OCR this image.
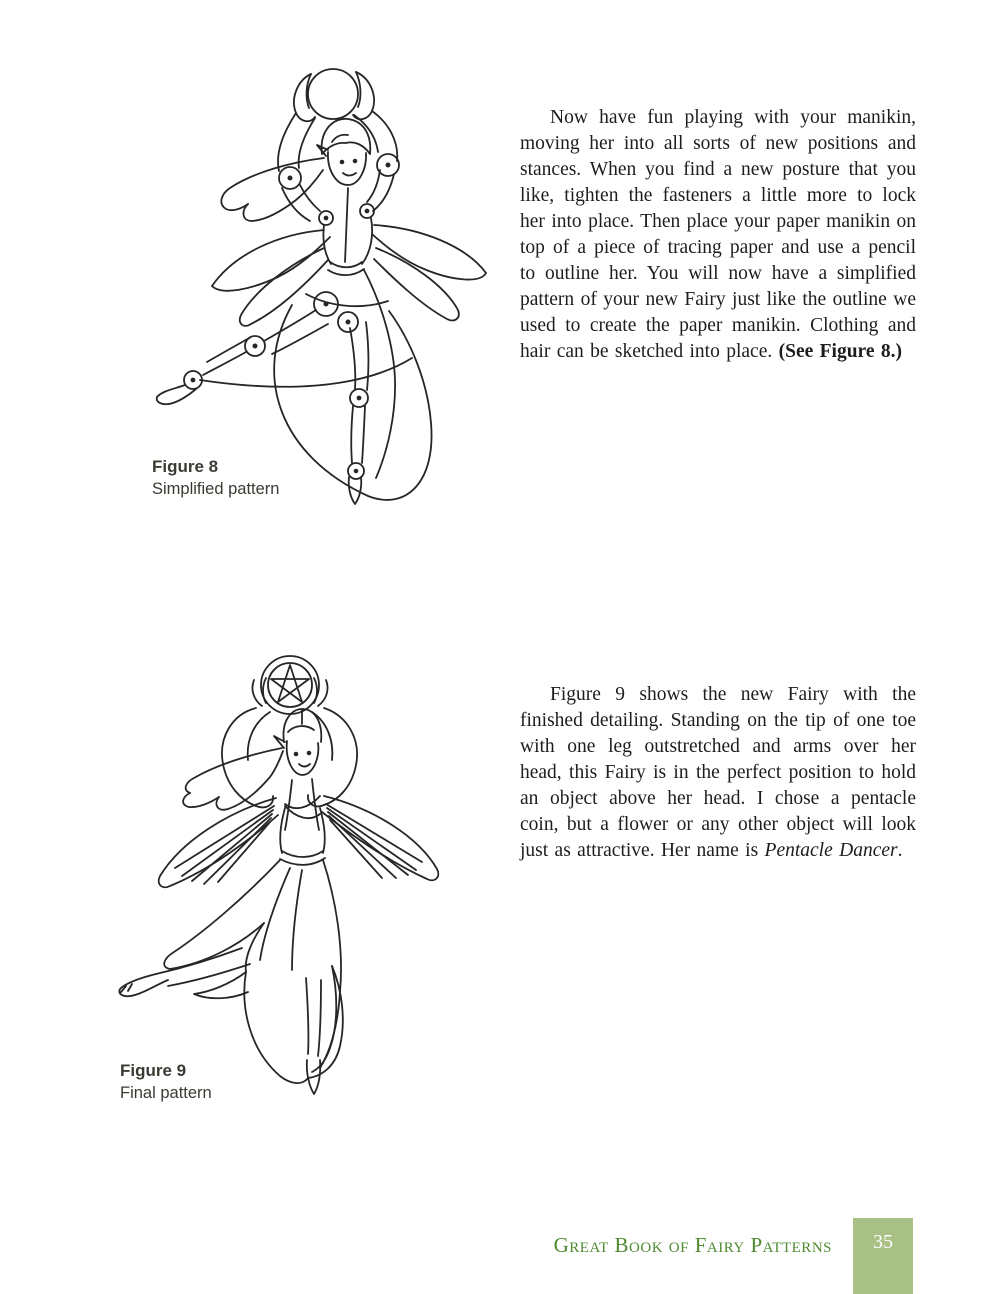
Figure 8
Simplified pattern

Now have fun playing with your manikin, moving her into all sorts of new positions and stances. When you find a new posture that you like, tighten the fasteners a little more to lock her into place. Then place your paper manikin on top of a piece of tracing paper and use a pencil to outline her. You will now have a simplified pattern of your new Fairy just like the outline we used to create the paper manikin. Clothing and hair can be sketched into place. (See Figure 8.)

Figure 9
Final pattern

Figure 9 shows the new Fairy with the finished detailing. Standing on the tip of one toe with one leg outstretched and arms over her head, this Fairy is in the perfect position to hold an object above her head. I chose a pentacle coin, but a flower or any other object will look just as attractive. Her name is Pentacle Dancer.

Great Book of Fairy Patterns	35
